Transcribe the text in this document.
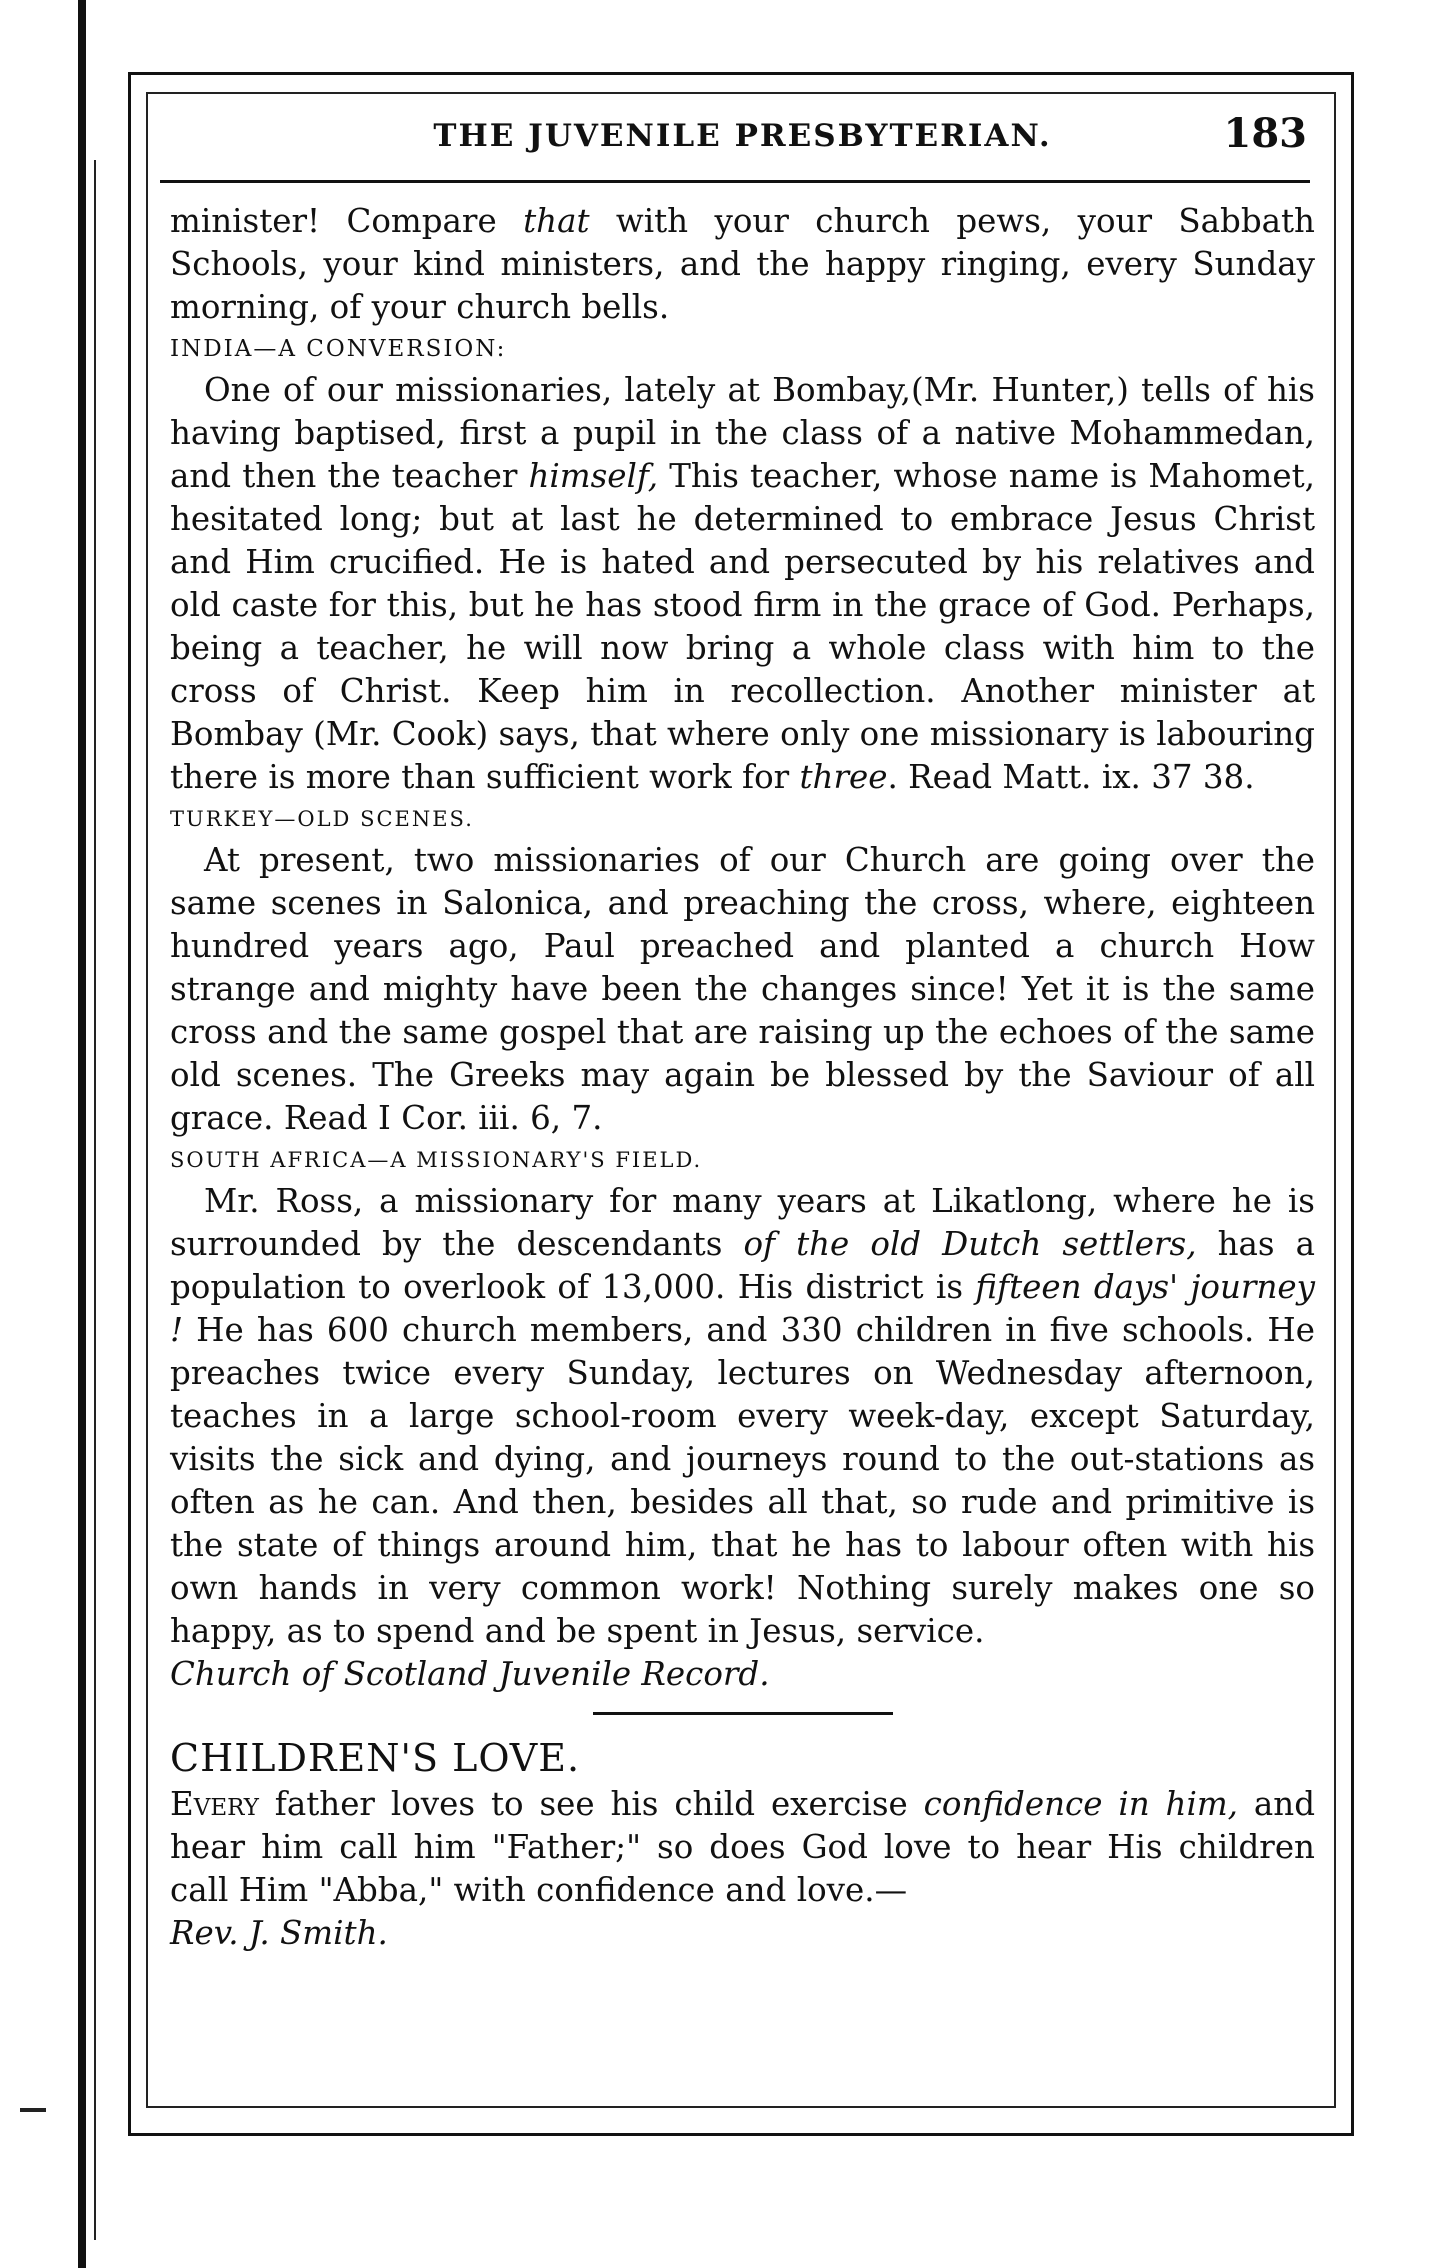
THE JUVENILE PRESBYTERIAN.	183

minister! Compare that with your church pews, your Sabbath Schools, your kind ministers, and the happy ringing, every Sunday morning, of your church bells.

INDIA—A CONVERSION:

One of our missionaries, lately at Bombay,(Mr. Hunter,) tells of his having baptised, first a pupil in the class of a native Mohammedan, and then the teacher himself, This teacher, whose name is Mahomet, hesitated long; but at last he determined to embrace Jesus Christ and Him crucified. He is hated and persecuted by his relatives and old caste for this, but he has stood firm in the grace of God. Perhaps, being a teacher, he will now bring a whole class with him to the cross of Christ. Keep him in recollection. Another minister at Bombay (Mr. Cook) says, that where only one missionary is labouring there is more than sufficient work for three. Read Matt. ix. 37 38.

TURKEY—OLD SCENES.

At present, two missionaries of our Church are going over the same scenes in Salonica, and preaching the cross, where, eighteen hundred years ago, Paul preached and planted a church How strange and mighty have been the changes since! Yet it is the same cross and the same gospel that are raising up the echoes of the same old scenes. The Greeks may again be blessed by the Saviour of all grace. Read I Cor. iii. 6, 7.

SOUTH AFRICA—A MISSIONARY'S FIELD.

Mr. Ross, a missionary for many years at Likatlong, where he is surrounded by the descendants of the old Dutch settlers, has a population to overlook of 13,000. His district is fifteen days' journey ! He has 600 church members, and 330 children in five schools. He preaches twice every Sunday, lectures on Wednesday afternoon, teaches in a large school-room every week-day, except Saturday, visits the sick and dying, and journeys round to the out-stations as often as he can. And then, besides all that, so rude and primitive is the state of things around him, that he has to labour often with his own hands in very common work! Nothing surely makes one so happy, as to spend and be spent in Jesus, service.

Church of Scotland Juvenile Record.

CHILDREN'S LOVE.

Every father loves to see his child exercise confidence in him, and hear him call him "Father;" so does God love to hear His children call Him "Abba," with confidence and love.—

Rev. J. Smith.
